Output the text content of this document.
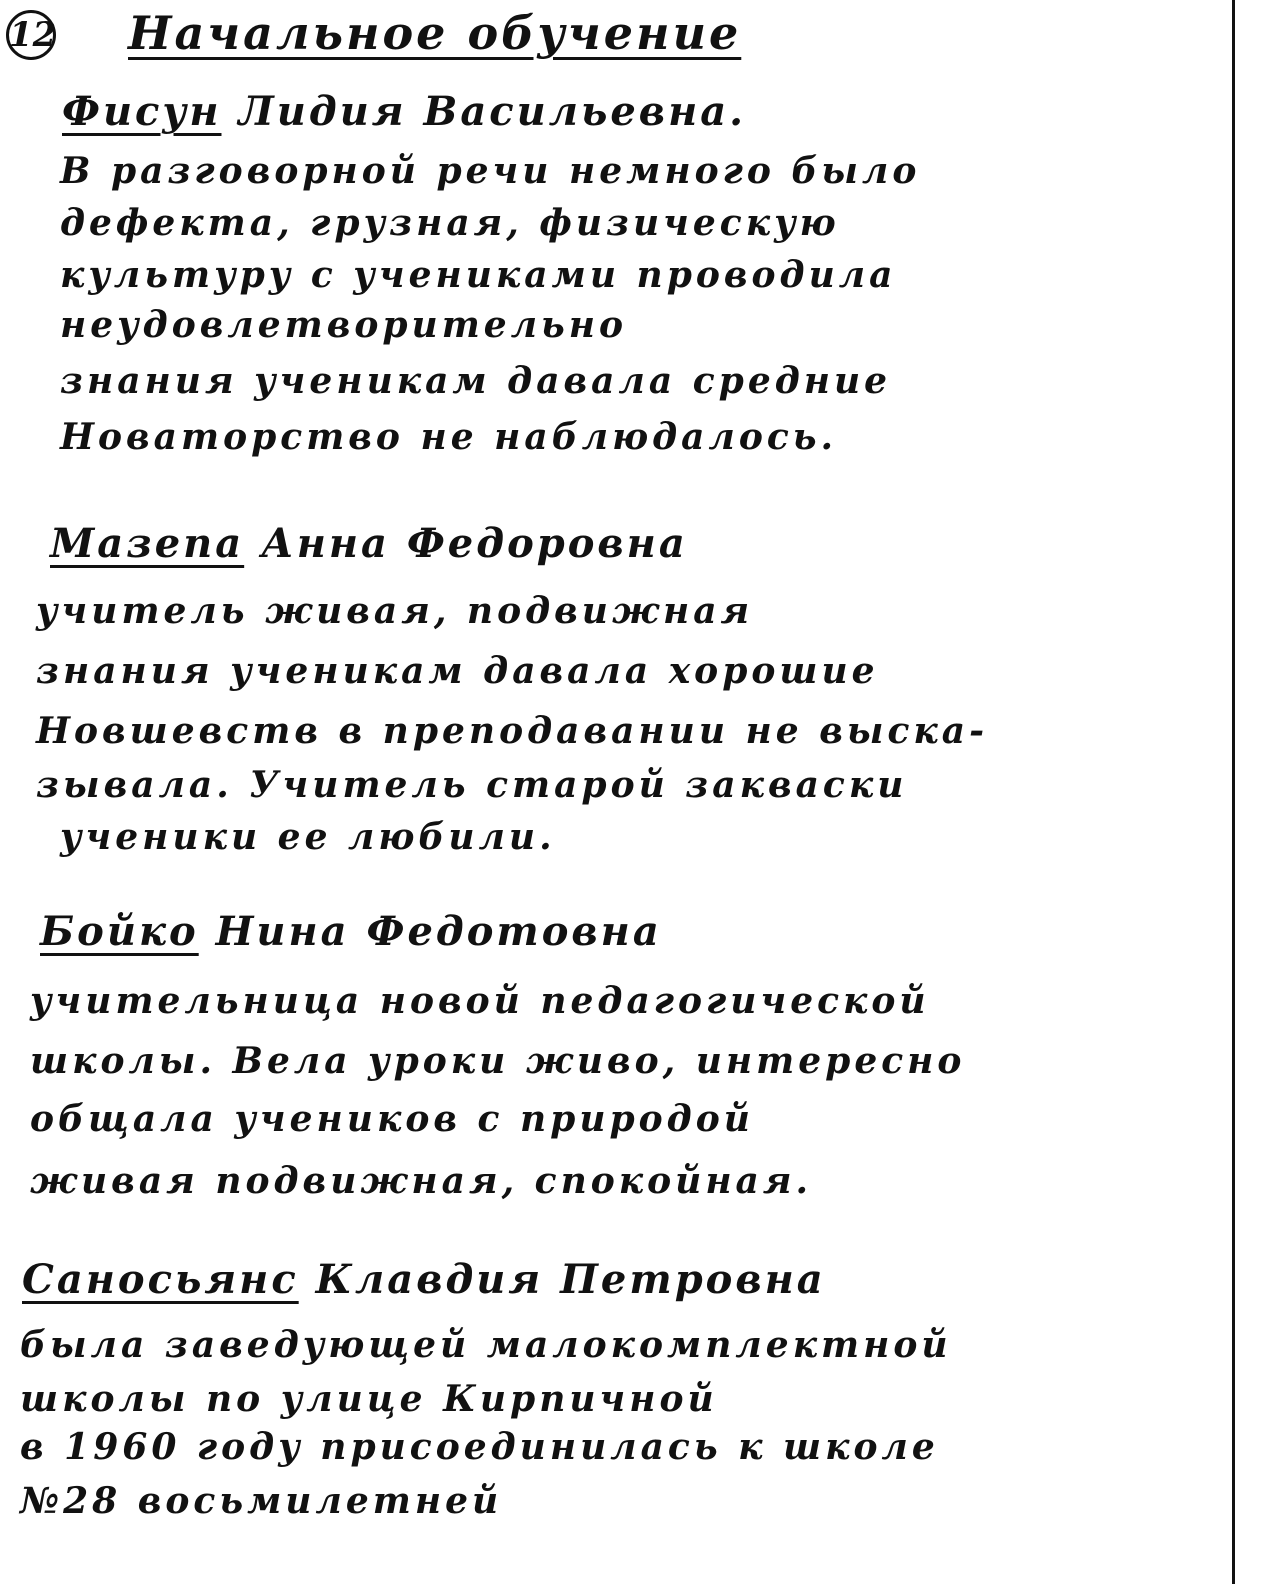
12 Начальное обучение
Фисун Лидия Васильевна.
В разговорной речи немного было
дефекта, грузная, физическую
культуру с учениками проводила
неудовлетворительно
знания ученикам давала средние
Новаторство не наблюдалось.
Мазепа Анна Федоровна
учитель живая, подвижная
знания ученикам давала хорошие
Новшевств в преподавании не выска-
зывала. Учитель старой закваски
ученики ее любили.
Бойко Нина Федотовна
учительница новой педагогической
школы. Вела уроки живо, интересно
общала учеников с природой
живая подвижная, спокойная.
Саносьянс Клавдия Петровна
была заведующей малокомплектной
школы по улице Кирпичной
в 1960 году присоединилась к школе
№28 восьмилетней
